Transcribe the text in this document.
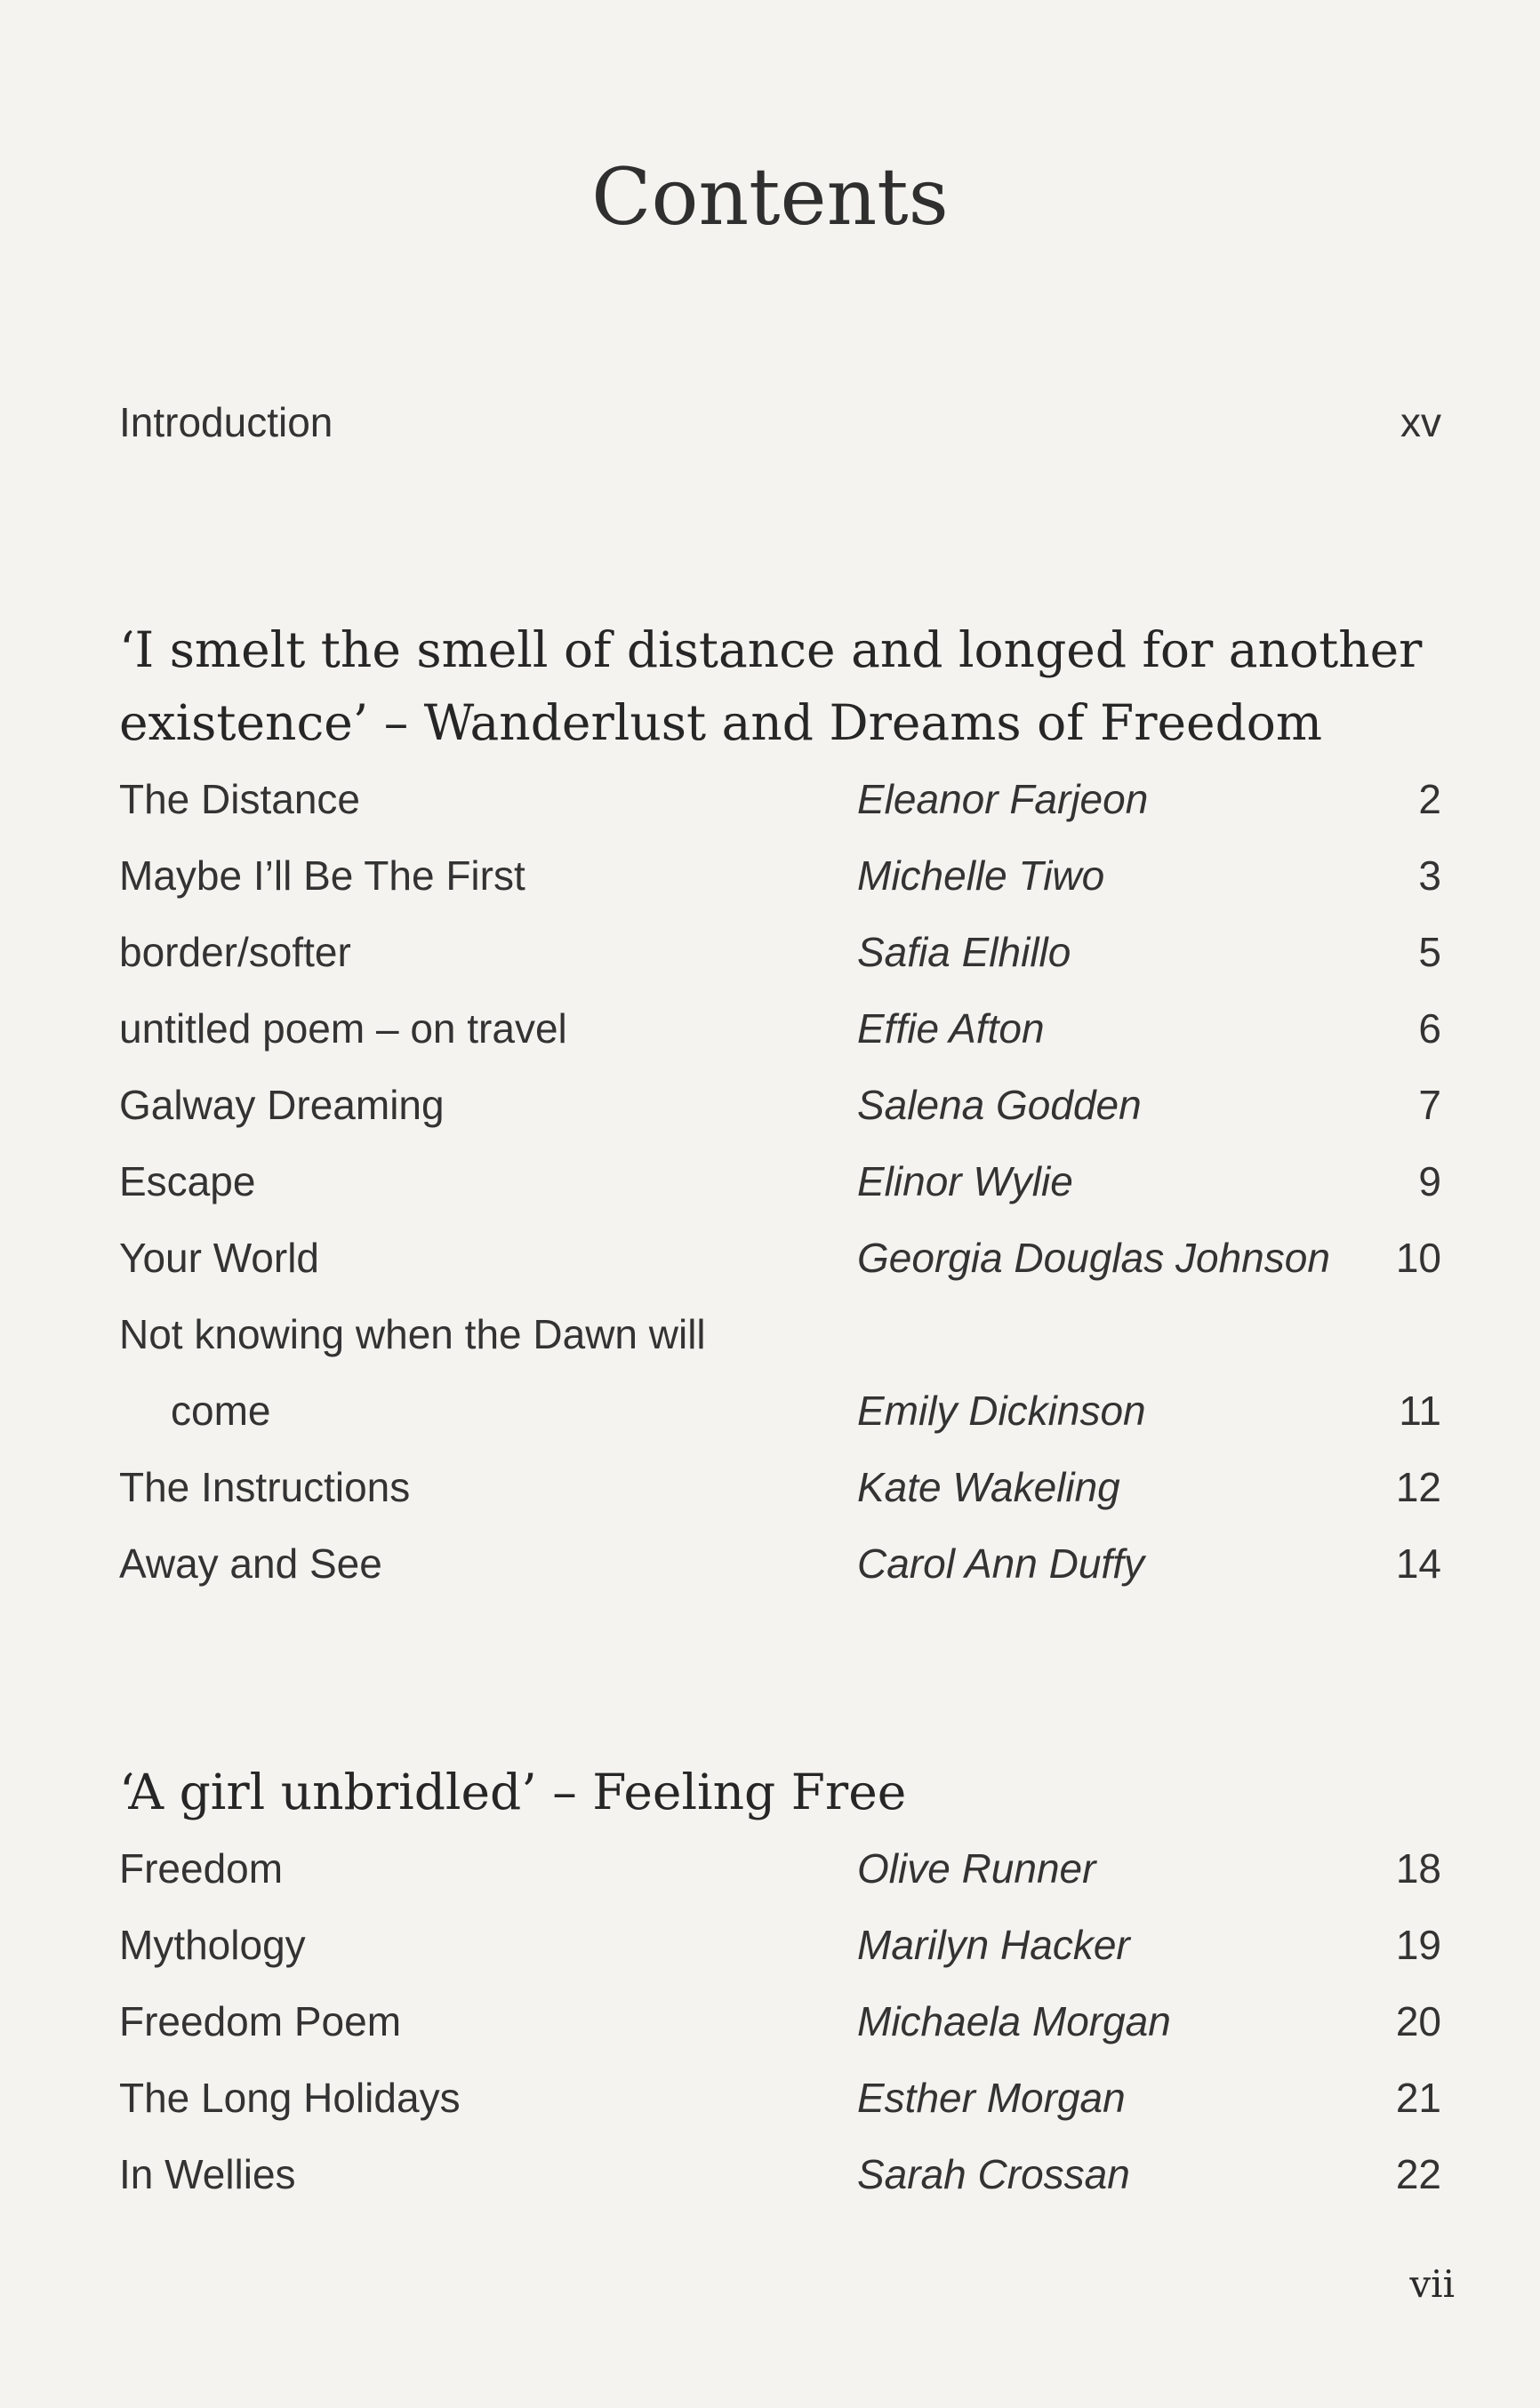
Contents
Introduction	xv
‘I smelt the smell of distance and longed for another
existence’ – Wanderlust and Dreams of Freedom
The Distance	Eleanor Farjeon	2
Maybe I’ll Be The First	Michelle Tiwo	3
border/softer	Safia Elhillo	5
untitled poem – on travel	Effie Afton	6
Galway Dreaming	Salena Godden	7
Escape	Elinor Wylie	9
Your World	Georgia Douglas Johnson 10
Not knowing when the Dawn will
come	Emily Dickinson	11
The Instructions	Kate Wakeling	12
Away and See	Carol Ann Duffy	14
‘A girl unbridled’ – Feeling Free
Freedom	Olive Runner	18
Mythology	Marilyn Hacker	19
Freedom Poem	Michaela Morgan	20
The Long Holidays	Esther Morgan	21
In Wellies	Sarah Crossan	22
vii
